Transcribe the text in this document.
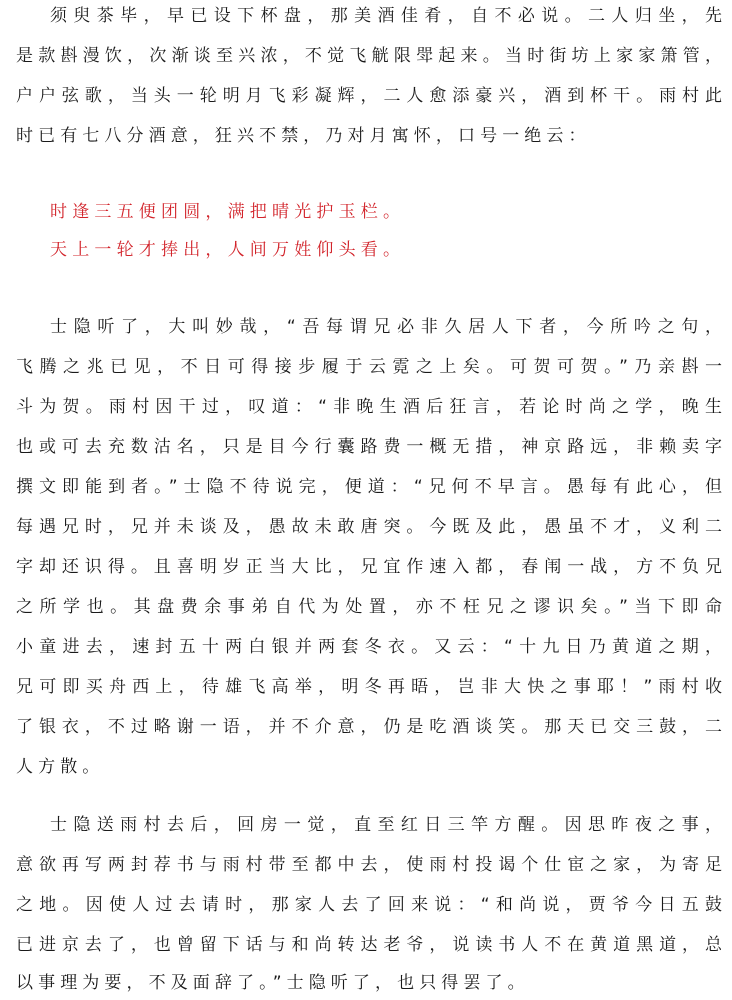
须臾茶毕，早已设下杯盘，那美酒佳肴，自不必说。二人归坐，先
是款斟漫饮，次渐谈至兴浓，不觉飞觥限斝起来。当时街坊上家家箫管，
户户弦歌，当头一轮明月飞彩凝辉，二人愈添豪兴，酒到杯干。雨村此
时已有七八分酒意，狂兴不禁，乃对月寓怀，口号一绝云：
时逢三五便团圆，满把晴光护玉栏。
天上一轮才捧出，人间万姓仰头看。
士隐听了，大叫妙哉，“吾每谓兄必非久居人下者，今所吟之句，
飞腾之兆已见，不日可得接步履于云霓之上矣。可贺可贺。”乃亲斟一
斗为贺。雨村因干过，叹道：“非晚生酒后狂言，若论时尚之学，晚生
也或可去充数沽名，只是目今行囊路费一概无措，神京路远，非赖卖字
撰文即能到者。”士隐不待说完，便道：“兄何不早言。愚每有此心，但
每遇兄时，兄并未谈及，愚故未敢唐突。今既及此，愚虽不才，义利二
字却还识得。且喜明岁正当大比，兄宜作速入都，春闱一战，方不负兄
之所学也。其盘费余事弟自代为处置，亦不枉兄之谬识矣。”当下即命
小童进去，速封五十两白银并两套冬衣。又云：“十九日乃黄道之期，
兄可即买舟西上，待雄飞高举，明冬再晤，岂非大快之事耶！”雨村收
了银衣，不过略谢一语，并不介意，仍是吃酒谈笑。那天已交三鼓，二
人方散。
士隐送雨村去后，回房一觉，直至红日三竿方醒。因思昨夜之事，
意欲再写两封荐书与雨村带至都中去，使雨村投谒个仕宦之家，为寄足
之地。因使人过去请时，那家人去了回来说：“和尚说，贾爷今日五鼓
已进京去了，也曾留下话与和尚转达老爷，说读书人不在黄道黑道，总
以事理为要，不及面辞了。”士隐听了，也只得罢了。
